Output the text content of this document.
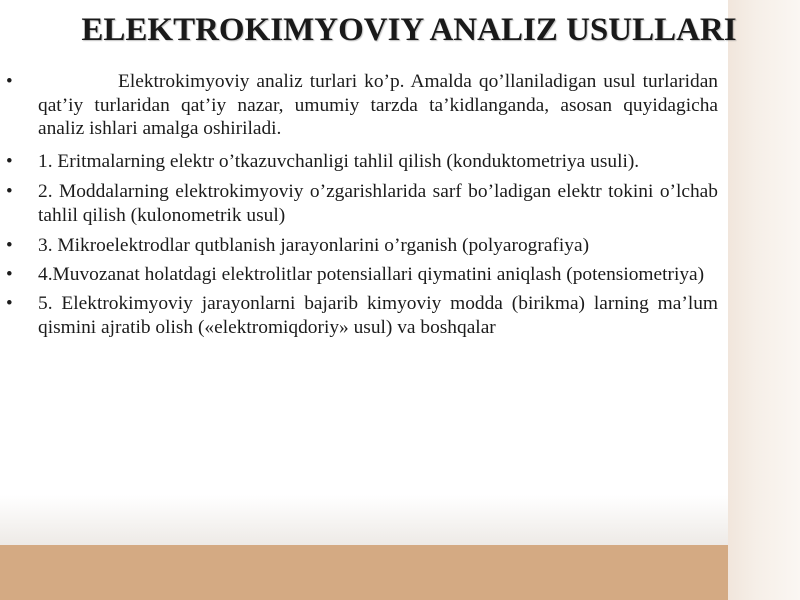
ELEKTROKIMYOVIY ANALIZ USULLARI
•	Elektrokimyoviy analiz turlari ko’p. Amalda qo’llaniladigan usul turlaridan qat’iy turlaridan qat’iy nazar, umumiy tarzda ta’kidlanganda, asosan quyidagicha analiz ishlari amalga oshiriladi.
• 1. Eritmalarning elektr o’tkazuvchanligi tahlil qilish (konduktometriya usuli).
• 2. Moddalarning elektrokimyoviy o’zgarishlarida sarf bo’ladigan elektr tokini o’lchab tahlil qilish (kulonometrik usul)
• 3. Mikroelektrodlar qutblanish jarayonlarini o’rganish (polyarografiya)
• 4.Muvozanat holatdagi elektrolitlar potensiallari qiymatini aniqlash (potensiometriya)
• 5. Elektrokimyoviy jarayonlarni bajarib kimyoviy modda (birikma) larning ma’lum qismini ajratib olish («elektromiqdoriy» usul) va boshqalar
